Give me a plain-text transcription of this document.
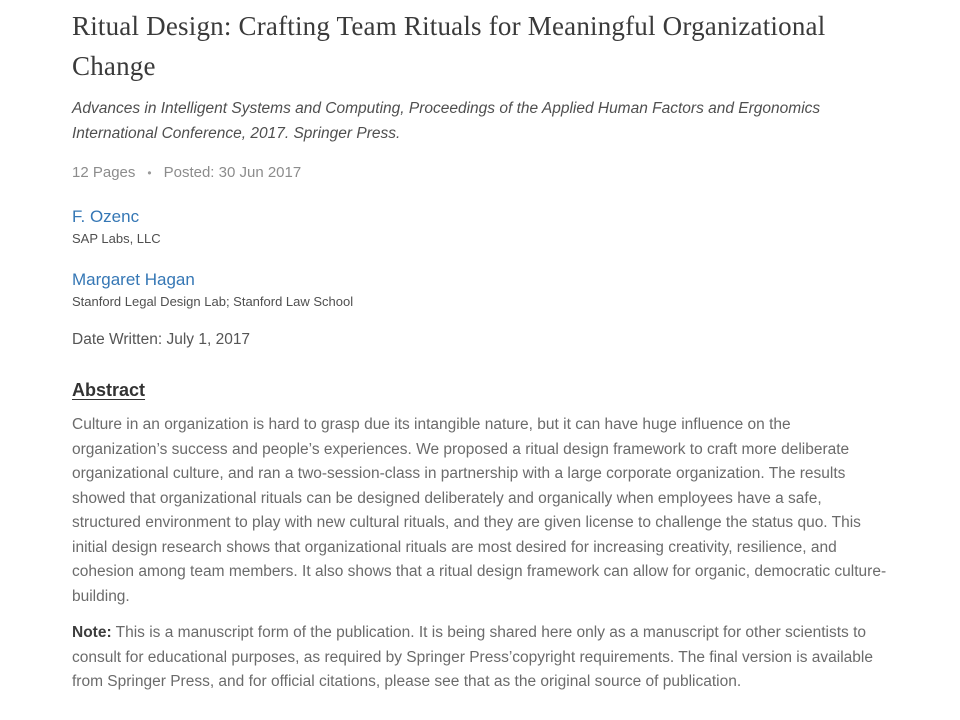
Ritual Design: Crafting Team Rituals for Meaningful Organizational Change

Advances in Intelligent Systems and Computing, Proceedings of the Applied Human Factors and Ergonomics International Conference, 2017. Springer Press.

12 Pages • Posted: 30 Jun 2017
F. Ozenc
SAP Labs, LLC
Margaret Hagan
Stanford Legal Design Lab; Stanford Law School

Date Written: July 1, 2017

Abstract

Culture in an organization is hard to grasp due its intangible nature, but it can have huge influence on the organization’s success and people’s experiences. We proposed a ritual design framework to craft more deliberate organizational culture, and ran a two-session-class in partnership with a large corporate organization. The results showed that organizational rituals can be designed deliberately and organically when employees have a safe, structured environment to play with new cultural rituals, and they are given license to challenge the status quo. This initial design research shows that organizational rituals are most desired for increasing creativity, resilience, and cohesion among team members. It also shows that a ritual design framework can allow for organic, democratic culture-building.

Note: This is a manuscript form of the publication. It is being shared here only as a manuscript for other scientists to consult for educational purposes, as required by Springer Press’copyright requirements. The final version is available from Springer Press, and for official citations, please see that as the original source of publication.
